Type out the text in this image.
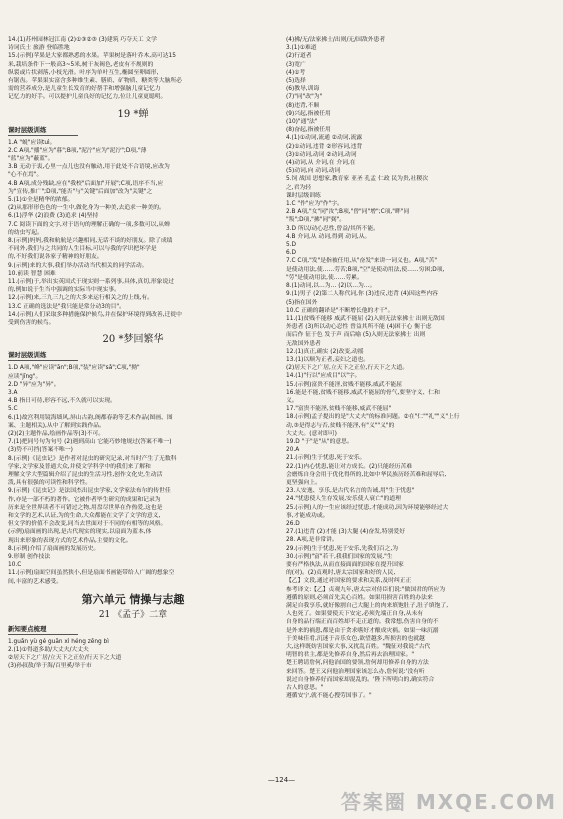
14.(1)苏州园林冠江南 (2)①③②③ (3)建筑 巧夺天工 文学
诗词氏士 旅游 登临胜地
15.(示例)苹果是大家都熟悉的水果。苹果树是落叶乔木,高可达15
米,栽培条件下一般高3~5米,树干灰褐色,老皮有不规则的
纵裂或片状剥落,小枝光滑。叶序为单叶互生,椭圆至卵圆形,
有锯齿。苹果果实富含多种维生素、膳质、矿物质、糖类等大脑所必
需的营养成分,是儿童生长发育的好帮手和增强脑儿童记忆力
记忆力的好手。可以提护儿童良好的记忆力,位让儿童更聪明。
19 *蝉
课时层级训练
1.A "蜕"应读tuì。
2.C A项,"播"应为"暮";B项,"泥泞"应为"泥泞";D项,"薄
"蓝"应为"蔽蓝"。
3.B 无动于衷,心里一点儿也没有触动,用于此处不合语境,应改为
"心不在焉"。
4.B A项,成分残缺,应在"我校"后面加"开展";C项,语序不当,应
为"宣传,推广";D项,"能否"与"关键"后面加"改为"关键"之
5.(1)①全是精华的浓郁。
(2)从那形形色色的一生中,做化身为一种美,去追求一种美的。
6.(1)浮华 (2)浪费 (3)追求 (4)坚持
7.C 阅读下面的文字,对于语句的理解正确的一项,多数可以,从蝉
的幼虫写起。
8.(示例)妈妈,我和航航是兴趣相同,无话不谈的好朋友。除了成绩
不同外,我们与之共同的人生目标,可以与我的学识把坏学是
的,不好我们说各家子精神的好朋友。
9.(示例)来的大事,我们举办活动当代相关的同学活动。
10.前读 智慧 困难
11.(示例)于,举出实英国式于现实则一系列事,具体,真切,形象说过
的,例如说于生当中强调的实际当中现实事。
12.(示例)来,三九三九之的大多来运行相关之的上线,有。
13.C 正确的选法是"我只能是常分动3的目"。
14.(示例)人们采取多种措施保护候鸟,并在保护环境得到改善,迁徙中
受到伤害的候鸟。
20 *梦回繁华
课时层级训练
1.D A项,"峰"应读"ān";B项,"装"应读"sǎ";C项,"拗"
应读"jīng"。
2.D "异"应为"异"。
3.A
4.B 指日可待,形容不远,不久就可以实现。
5.C
6.(1)故宫利用镜海墙风,屏山古韵,阁都春韵等艺术作品(图画、图
案、主题相关),从中了解到实践作品。
(2)(2)主题作品,绘画作品等(3)不可。
7.(1)把同号句为句号 (2)遇到高山 它能巧妙地规过(答案不唯一)
(3)势不可挡(答案不唯一)
8.(示例)《昆虫记》是作者对昆虫的研究记录,对当时产生了无数科
学家,文学家及普通大众,并使文学科学中的我们来了解和
理解文学大型篇辑介绍了昆虫的生活习性,创作文化史,生动活
泼,具有很强的可读性和科学性。
9.(示例)《昆虫记》是法国杰出昆虫学家,文学家法布尔的传世佳
作,亦是一部不朽的著作。它被作者毕生研究的成果和记录为
历来是全世界读者不可错过之物,用盘尽世界在作热爱,这也是
和文学的艺术,认证,为的生命,大众都能在文学了文学的意义,
但文学的价值不会改变,同当去世面对于不同的有相等的风格。
(示例)扇面画的出现,是古代现实的现实,以扇面为蓝本,体
现出来形象的表现方式的艺术作品,主要的文化。
8.(示例)介绍了扇面画的发展历史。
9.形制 创作技法
10.C
11.(示例)扇面空间虽然狭小,但是扇面书画能带给人广阔的想象空
间,丰富的艺术感受。
第六单元 情操与志趣
21 《孟子》二章
新知要点梳理
1.guǎn yù gé guān xì héng zēng bì
2.(1)①得道多助/大丈夫/大丈夫
②居天下之广居/立天下之正位/行天下之大道
(3)孙叔敖/举于海/百里奚/举于市
(4)拂/无/法家拂士/出则/无/国敌外患者
3.(1)①难道
(2)行道者
(3)宽广
(4)①考
(5)选择
(6)教导,训诲
(7)"同"改"为"
(8)违背,不顺
(9)兴起,指被任用
(10)"通"法"
(8)奋起,指被任用
4.(1)①动词,流通 ②动词,流露
(2)①动词,违背 ②形容词,违背
(3)①动词,动词 ②动词,动词
(4)动词,从 介词,在 介词,在
(5)动词,向 动词,动词
5.饲 战国 思想家,教育家 亚圣 孔孟 仁政 民为贵,社稷次
之,君为轻
课时层级训练
1.C "作"应为"作"字。
2.B A项,"女"同"汝";B项,"曾"同"增";C项,"畔"同
"叛";D项,"拂"同"弼"。
3.D 所以/动心忍性,曾益/其所不能。
4.B 介词,从 动词,得到 动词,从。
5.D
6.D
7.C C项,"发"是指被任用,从"奋发"来讲一词义也。A项,"苦"
是使动用法,使……劳苦;B项,"空"是使动用法,使……穷困;D项,
"劳"是使动用法,使……劳累。
8.(1)动词,以…为… (2)以…为…。
9.(1)男子 (2)第二人称代词,你 (3)违反,违背 (4)因这些内容
(5)指在国外
10.C 正确的翻译是"不断增长他的才干"。
11.(1)贫贱不能移 威武不能屈 (2)入则无法家拂士 出则无敌国
外患者 (3)所以动心忍性 曾益其所不能 (4)困于心 衡于虑
而后作 征于色 发于声 而后喻 (5)入则无法家拂士 出则
无敌国外患者
12.(1)真正,确实 (2)改变,动摇
13.(1)以顺为正者,妾妇之道也。
(2)居天下之广居,立天下之正位,行天下之大道。
14.(1)"行以"应成目"以"字。
15.(示例)富贵不能淫,贫贱不能移,威武不能屈
16.能是不能,贫贱不能移,威武不能屈的骨气,要坚守义、仁和
义。
17."富贵不能淫,贫贱不能移,威武不能屈"
18.(示例)孟子提出的是"大丈夫"的标准问题。②在"仁""礼""义"上行
动,③是得志与否,贫贱不能淫,有"义""义"的
大丈夫。(意对即可)
19.D "于"是"从"的意思。
20.A
21.(示例)生于忧患,死于安乐。
22.(1)内心忧患,能让对方成长。(2)只能经历苦难
会磨炼自身会用于优化得所的,比如中华民族历经苦难和屈辱后,
更坚强向上。
23.人安逸、享乐,是古代名言的告诫,用"生于忧患"
24."忧患使人生存发展,安乐使人衰亡"的道理
25.(示例)人的一生应该经过忧患,才能成功,因为环境能够经过大
事,才能成功或。
26.D
27.(1)违背 (2)才能 (3)大腿 (4)奋发,特别爱好
28. A项,是非常讲。
29.(示例)生于忧患,死于安乐,先我们百之,为
30.(示例)"富"若干,我我们国家的发展,"生
要有严格执法,从而直接面面的国家在提升国家
的(对)。(2)贞观时,唐太宗国家和好的人民,
【乙】文段,通过对国家的要求和关系,及时纠正正
参考译文:【乙】贞观九年,唐太宗对侍臣们说:"做国君的所应为
遵循的原则,必须首先关心百姓。如果用损害百姓的办法来
满足自我享乐,就好像割自己大腿上的肉来填饱肚子,肚子填饱了,
人也死了。如果要使天下安定,必须先端正自身,从未有
自身的品行端正而百姓却不走正道的。我常想,伤害自身的不
是外来的祸患,都是由于贪求嗜好才酿成灾祸。如果一味沉溺
于美味佳肴,沉迷于音乐女色,欲望越多,所损害的也就越
大,这样既妨害国家大事,又扰乱百姓。"魏征对我说:"古代
明智的君主,都是先修养自身,然后再去治理国家。"
楚王聘请詹何,问他治国的要领,詹何却用修养自身的方法
来回答。楚王又问他治理国家该怎么办,詹何说:'没有听
说过自身修养好而国家却混乱的。'陛下所明白的,确实符合
古人的意思。"
遵循安宁,就不能心搜劳国事了。"
—124—
答案圈 MXQE.COM
